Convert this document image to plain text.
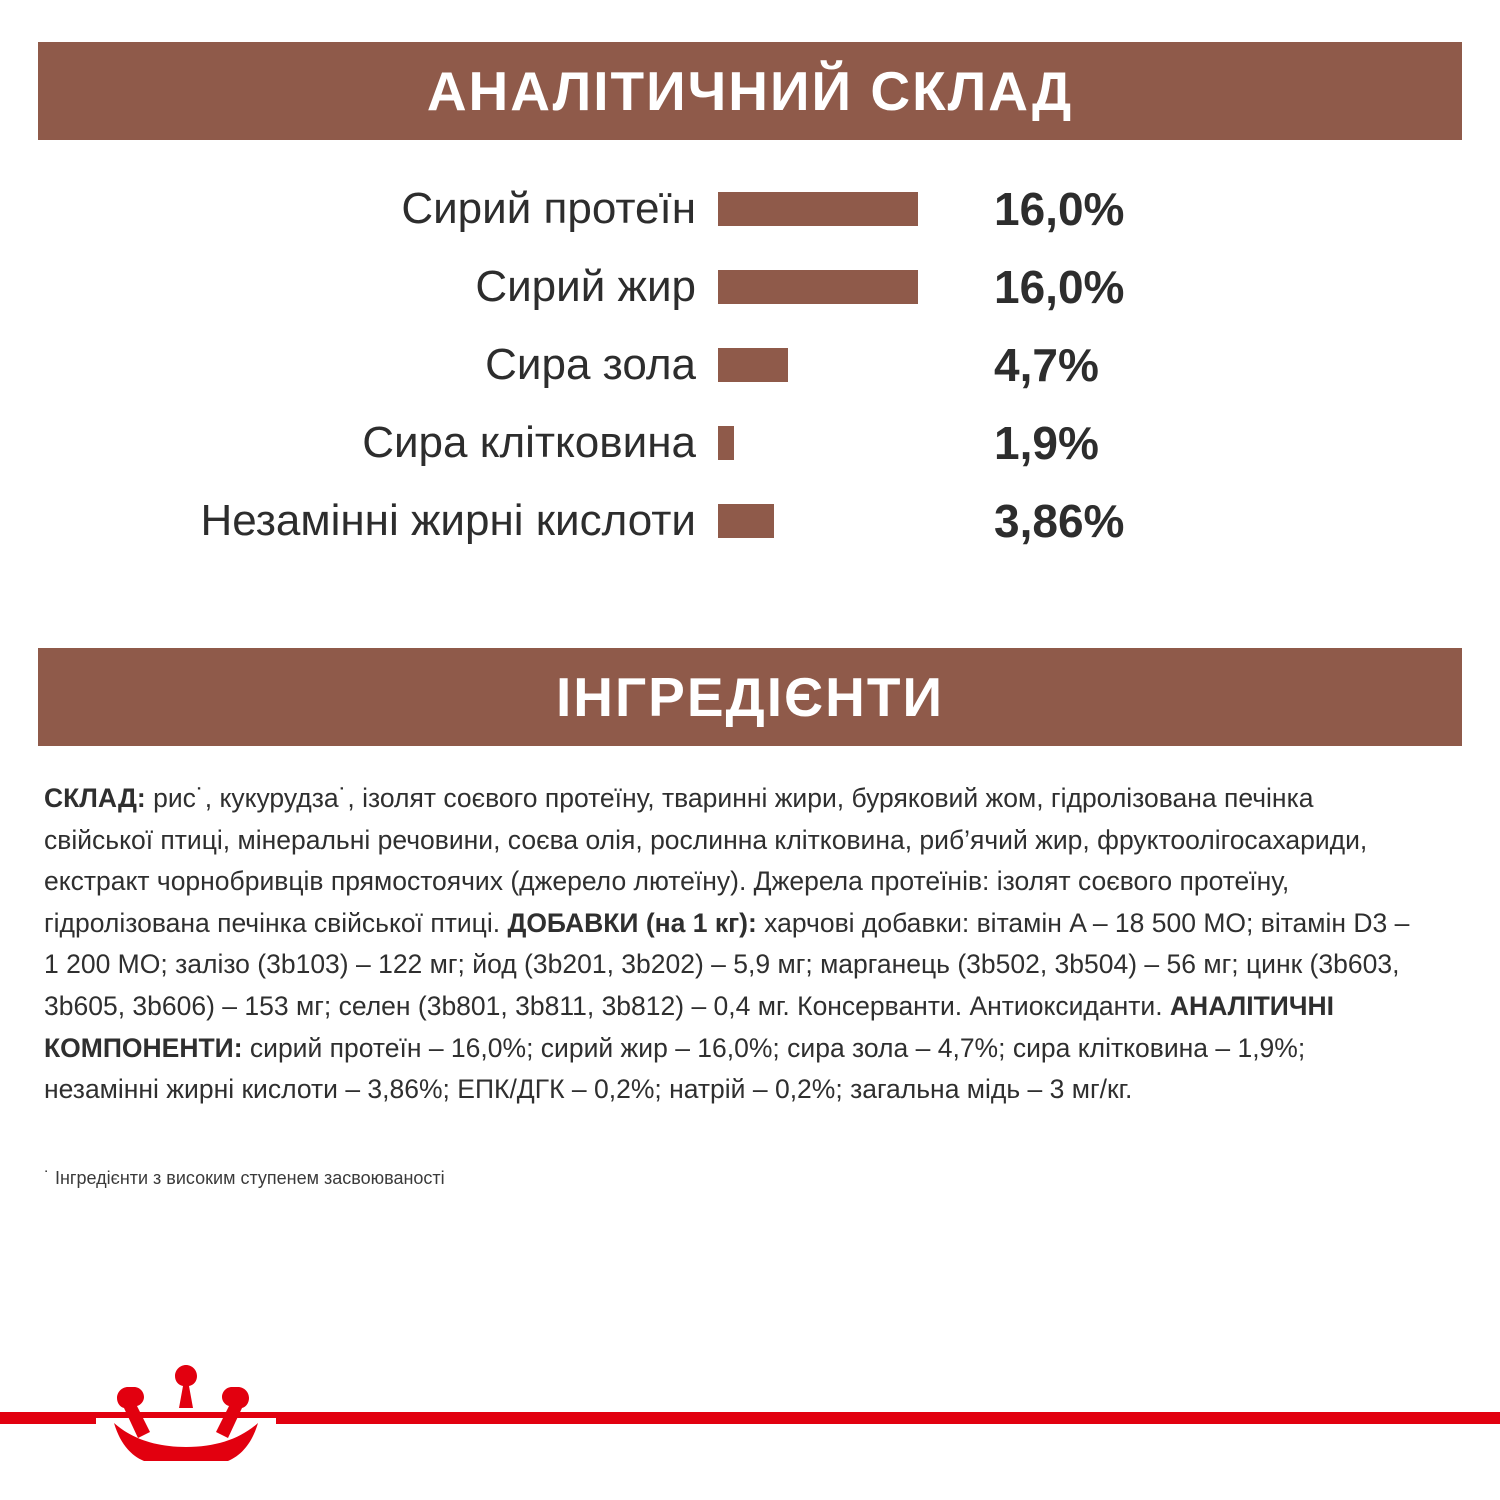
АНАЛІТИЧНИЙ СКЛАД
Сирий протеїн	16,0%
Сирий жир	16,0%
Сира зола	4,7%
Сира клітковина	1,9%
Незамінні жирні кислоти	3,86%
ІНГРЕДІЄНТИ
СКЛАД: рис˙, кукурудза˙, ізолят соєвого протеїну, тваринні жири, буряковий жом, гідролізована печінка свійської птиці, мінеральні речовини, соєва олія, рослинна клітковина, риб’ячий жир, фруктоолігосахариди, екстракт чорнобривців прямостоячих (джерело лютеїну). Джерела протеїнів: ізолят соєвого протеїну, гідролізована печінка свійської птиці. ДОБАВКИ (на 1 кг): харчові добавки: вітамін A – 18 500 МО; вітамін D3 – 1 200 МО; залізо (3b103) – 122 мг; йод (3b201, 3b202) – 5,9 мг; марганець (3b502, 3b504) – 56 мг; цинк (3b603, 3b605, 3b606) – 153 мг; селен (3b801, 3b811, 3b812) – 0,4 мг. Консерванти. Антиоксиданти. АНАЛІТИЧНІ КОМПОНЕНТИ: сирий протеїн – 16,0%; сирий жир – 16,0%; сира зола – 4,7%; сира клітковина – 1,9%; незамінні жирні кислоти – 3,86%; ЕПК/ДГК – 0,2%; натрій – 0,2%; загальна мідь – 3 мг/кг.
˙ Інгредієнти з високим ступенем засвоюваності
